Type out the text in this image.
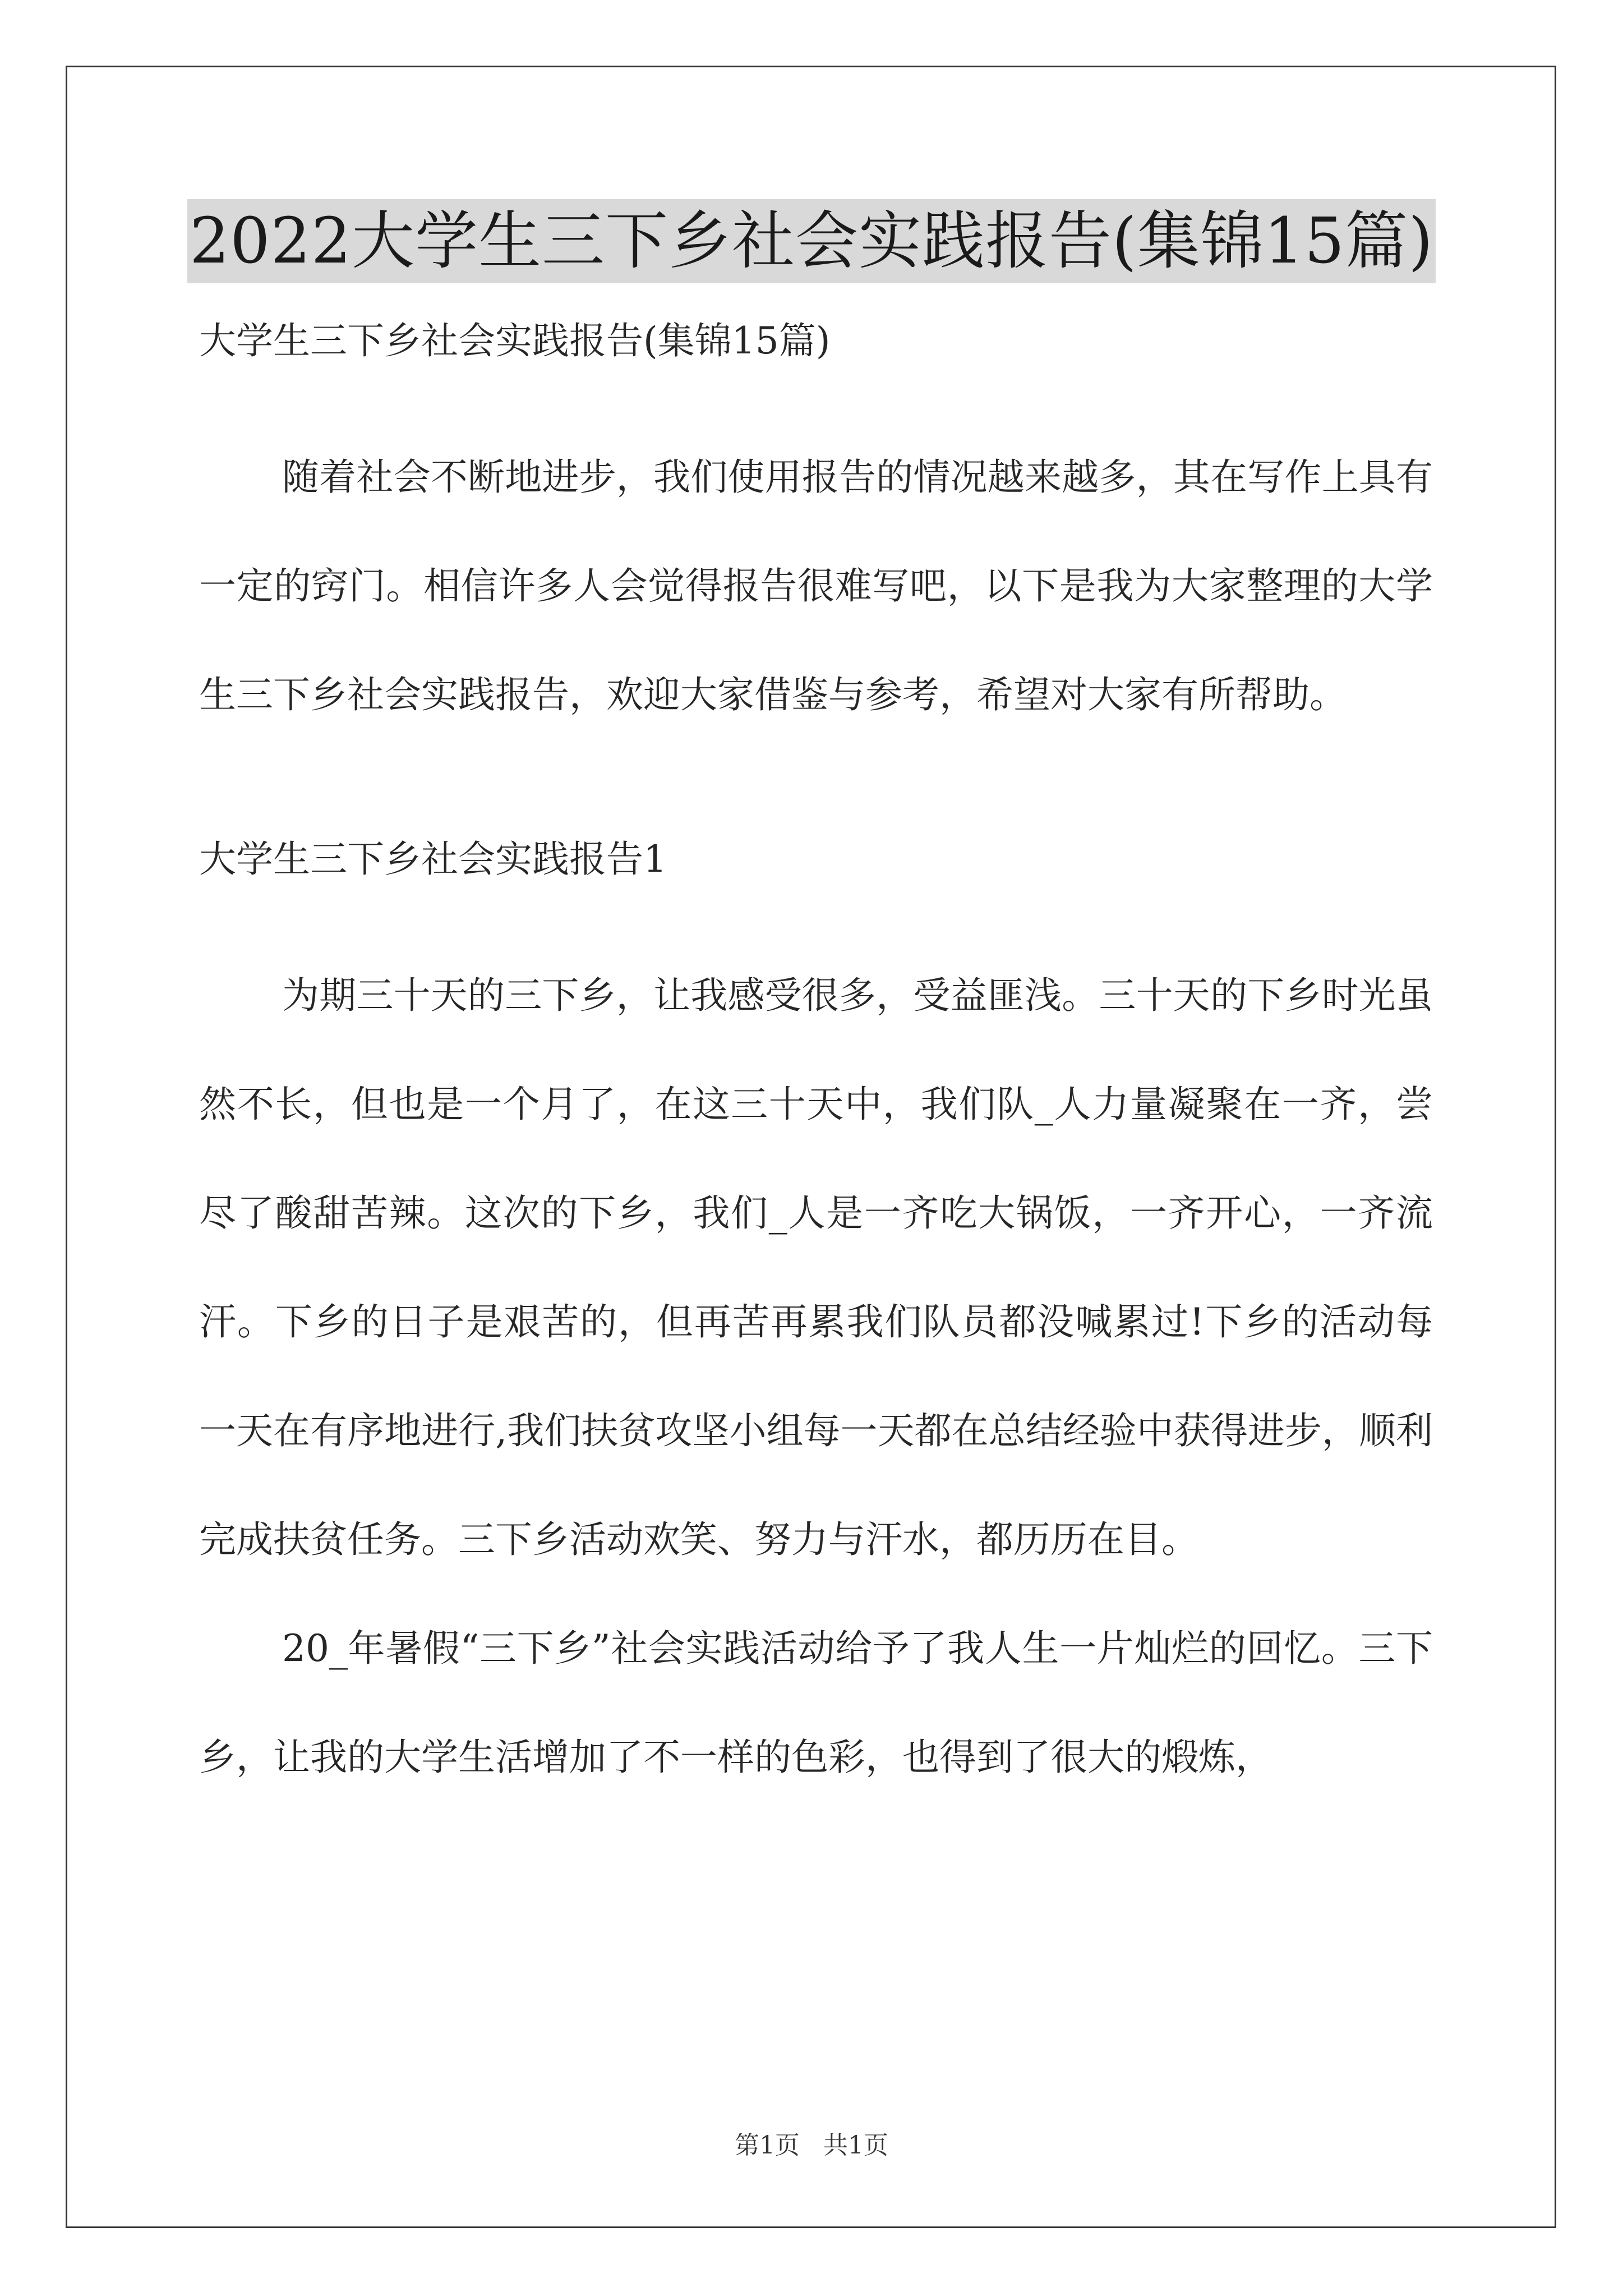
2022大学生三下乡社会实践报告(集锦15篇)
大学生三下乡社会实践报告(集锦15篇)

随着社会不断地进步，我们使用报告的情况越来越多，其在写作上具有一定的窍门。相信许多人会觉得报告很难写吧，以下是我为大家整理的大学生三下乡社会实践报告，欢迎大家借鉴与参考，希望对大家有所帮助。

大学生三下乡社会实践报告1

为期三十天的三下乡，让我感受很多，受益匪浅。三十天的下乡时光虽然不长，但也是一个月了，在这三十天中，我们队_人力量凝聚在一齐，尝尽了酸甜苦辣。这次的下乡，我们_人是一齐吃大锅饭，一齐开心，一齐流汗。下乡的日子是艰苦的，但再苦再累我们队员都没喊累过!下乡的活动每一天在有序地进行,我们扶贫攻坚小组每一天都在总结经验中获得进步，顺利完成扶贫任务。三下乡活动欢笑、努力与汗水，都历历在目。

20_年暑假“三下乡”社会实践活动给予了我人生一片灿烂的回忆。三下乡，让我的大学生活增加了不一样的色彩，也得到了很大的煅炼，

第1页   共1页
